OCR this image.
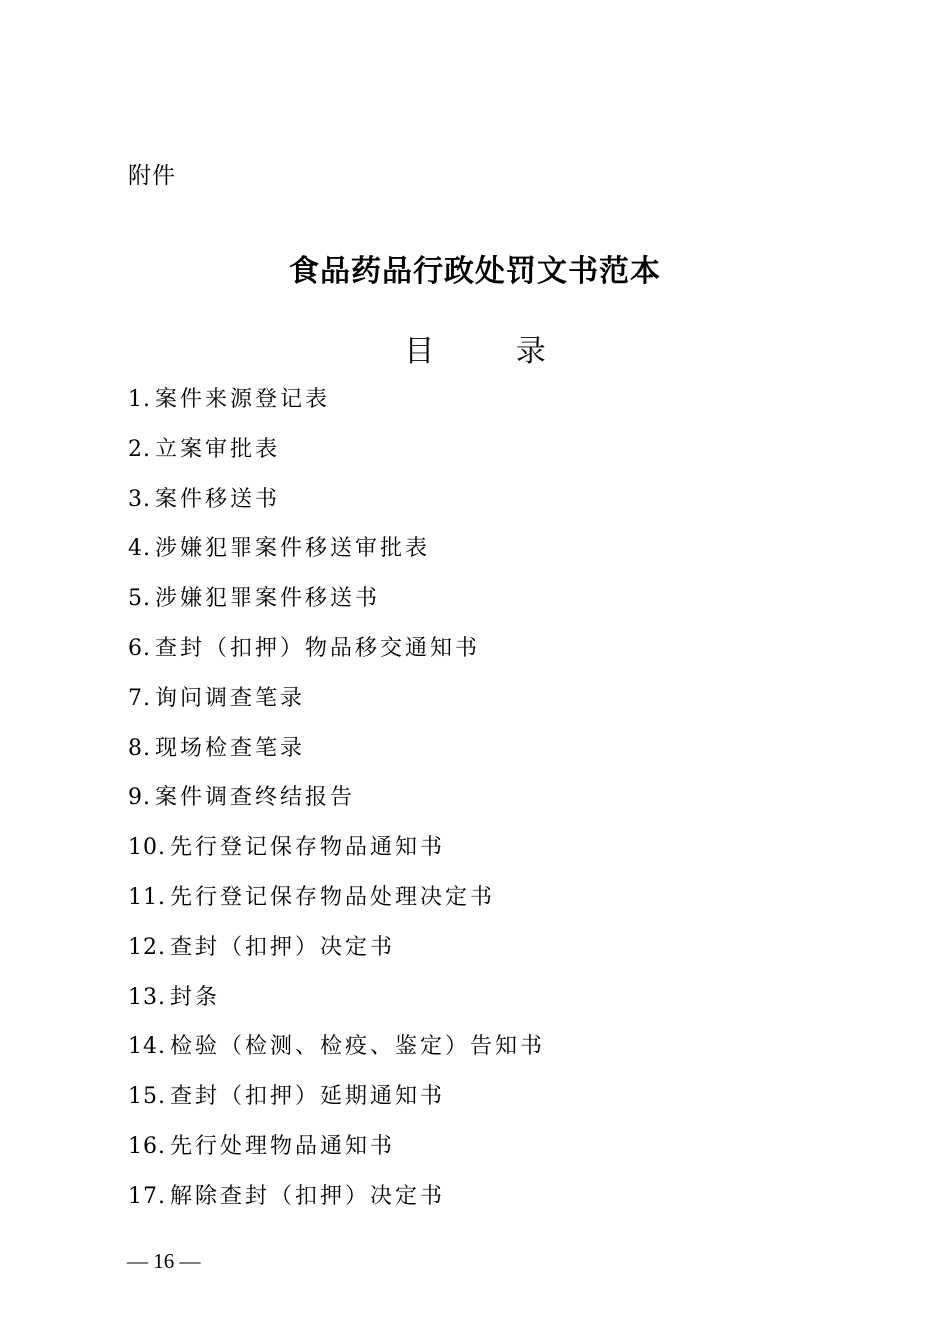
附件
食品药品行政处罚文书范本
目 录
1. 案件来源登记表
2. 立案审批表
3. 案件移送书
4. 涉嫌犯罪案件移送审批表
5. 涉嫌犯罪案件移送书
6. 查封（扣押）物品移交通知书
7. 询问调查笔录
8. 现场检查笔录
9. 案件调查终结报告
10. 先行登记保存物品通知书
11. 先行登记保存物品处理决定书
12. 查封（扣押）决定书
13. 封条
14. 检验（检测、检疫、鉴定）告知书
15. 查封（扣押）延期通知书
16. 先行处理物品通知书
17. 解除查封（扣押）决定书
— 16 —
